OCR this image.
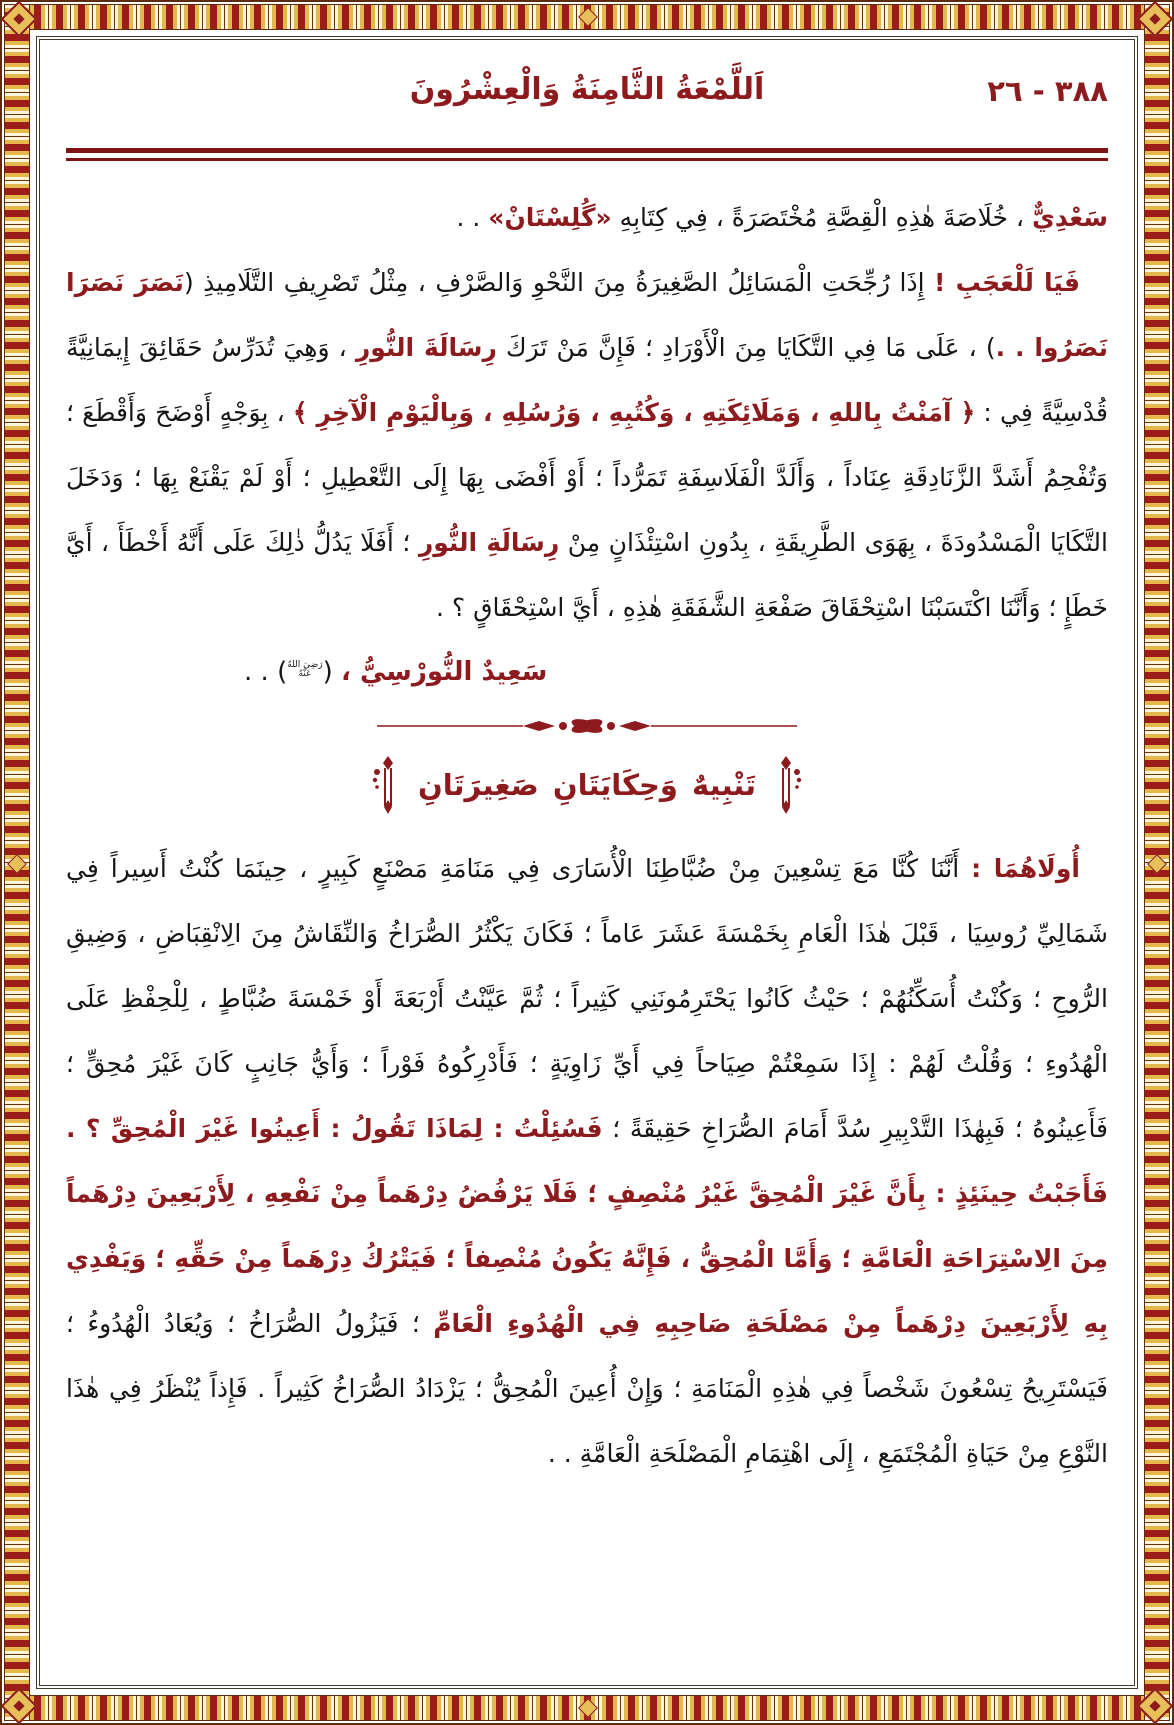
اَللَّمْعَةُ الثَّامِنَةُ وَالْعِشْرُونَ	٣٨٨ - ٢٦

سَعْدِيٌّ ، خُلَاصَةَ هٰذِهِ الْقِصَّةِ مُخْتَصَرَةً ، فِي كِتَابِهِ «گُلِسْتَانْ» . .

فَيَا لَلْعَجَبِ ! إِذَا رُجِّحَتِ الْمَسَائِلُ الصَّغِيرَةُ مِنَ النَّحْوِ وَالصَّرْفِ ، مِثْلُ تَصْرِيفِ التَّلَامِيذِ (نَصَرَ نَصَرَا نَصَرُوا . .) ، عَلَى مَا فِي التَّكَايَا مِنَ الْأَوْرَادِ ؛ فَإِنَّ مَنْ تَرَكَ رِسَالَةَ النُّورِ ، وَهِيَ تُدَرِّسُ حَقَائِقَ إِيمَانِيَّةً قُدْسِيَّةً فِي : ﴿ آمَنْتُ بِاللهِ ، وَمَلَائِكَتِهِ ، وَكُتُبِهِ ، وَرُسُلِهِ ، وَبِالْيَوْمِ الْآخِرِ ﴾ ، بِوَجْهٍ أَوْضَحَ وَأَقْطَعَ ؛ وَتُفْحِمُ أَشَدَّ الزَّنَادِقَةِ عِنَاداً ، وَأَلَدَّ الْفَلَاسِفَةِ تَمَرُّداً ؛ أَوْ أَفْضَى بِهَا إِلَى التَّعْطِيلِ ؛ أَوْ لَمْ يَقْنَعْ بِهَا ؛ وَدَخَلَ التَّكَايَا الْمَسْدُودَةَ ، بِهَوَى الطَّرِيقَةِ ، بِدُونِ اسْتِئْذَانٍ مِنْ رِسَالَةِ النُّورِ ؛ أَفَلَا يَدُلُّ ذٰلِكَ عَلَى أَنَّهُ أَخْطَأَ ، أَيَّ خَطَإٍ ؛ وَأَنَّنَا اكْتَسَبْنَا اسْتِحْقَاقَ صَفْعَةِ الشَّفَقَةِ هٰذِهِ ، أَيَّ اسْتِحْقَاقٍ ؟ .

سَعِيدٌ النُّورْسِيُّ ، (
رَضِيَ اللهُ
عَنْهُ
) . .

تَنْبِيهٌ وَحِكَايَتَانِ صَغِيرَتَانِ

أُولَاهُمَا : أَنَّنَا كُنَّا مَعَ تِسْعِينَ مِنْ ضُبَّاطِنَا الْأُسَارَى فِي مَنَامَةِ مَصْنَعٍ كَبِيرٍ ، حِينَمَا كُنْتُ أَسِيراً فِي شَمَالِيِّ رُوسِيَا ، قَبْلَ هٰذَا الْعَامِ بِخَمْسَةَ عَشَرَ عَاماً ؛ فَكَانَ يَكْثُرُ الصُّرَاخُ وَالنِّقَاشُ مِنَ الِانْقِبَاضِ ، وَضِيقِ الرُّوحِ ؛ وَكُنْتُ أُسَكِّنُهُمْ ؛ حَيْثُ كَانُوا يَحْتَرِمُونَنِي كَثِيراً ؛ ثُمَّ عَيَّنْتُ أَرْبَعَةَ أَوْ خَمْسَةَ ضُبَّاطٍ ، لِلْحِفْظِ عَلَى الْهُدُوءِ ؛ وَقُلْتُ لَهُمْ : إِذَا سَمِعْتُمْ صِيَاحاً فِي أَيِّ زَاوِيَةٍ ؛ فَأَدْرِكُوهُ فَوْراً ؛ وَأَيُّ جَانِبٍ كَانَ غَيْرَ مُحِقٍّ ؛ فَأَعِينُوهُ ؛ فَبِهٰذَا التَّدْبِيرِ سُدَّ أَمَامَ الصُّرَاخِ حَقِيقَةً ؛ فَسُئِلْتُ : لِمَاذَا تَقُولُ : أَعِينُوا غَيْرَ الْمُحِقِّ ؟ . فَأَجَبْتُ حِينَئِذٍ : بِأَنَّ غَيْرَ الْمُحِقَّ غَيْرُ مُنْصِفٍ ؛ فَلَا يَرْفُضُ دِرْهَماً مِنْ نَفْعِهِ ، لِأَرْبَعِينَ دِرْهَماً مِنَ الِاسْتِرَاحَةِ الْعَامَّةِ ؛ وَأَمَّا الْمُحِقُّ ، فَإِنَّهُ يَكُونُ مُنْصِفاً ؛ فَيَتْرُكُ دِرْهَماً مِنْ حَقِّهِ ؛ وَيَفْدِي بِهِ لِأَرْبَعِينَ دِرْهَماً مِنْ مَصْلَحَةِ صَاحِبِهِ فِي الْهُدُوءِ الْعَامِّ ؛ فَيَزُولُ الصُّرَاخُ ؛ وَيُعَادُ الْهُدُوءُ ؛ فَيَسْتَرِيحُ تِسْعُونَ شَخْصاً فِي هٰذِهِ الْمَنَامَةِ ؛ وَإِنْ أُعِينَ الْمُحِقُّ ؛ يَزْدَادُ الصُّرَاخُ كَثِيراً . فَإِذاً يُنْظَرُ فِي هٰذَا النَّوْعِ مِنْ حَيَاةِ الْمُجْتَمَعِ ، إِلَى اهْتِمَامِ الْمَصْلَحَةِ الْعَامَّةِ . .
